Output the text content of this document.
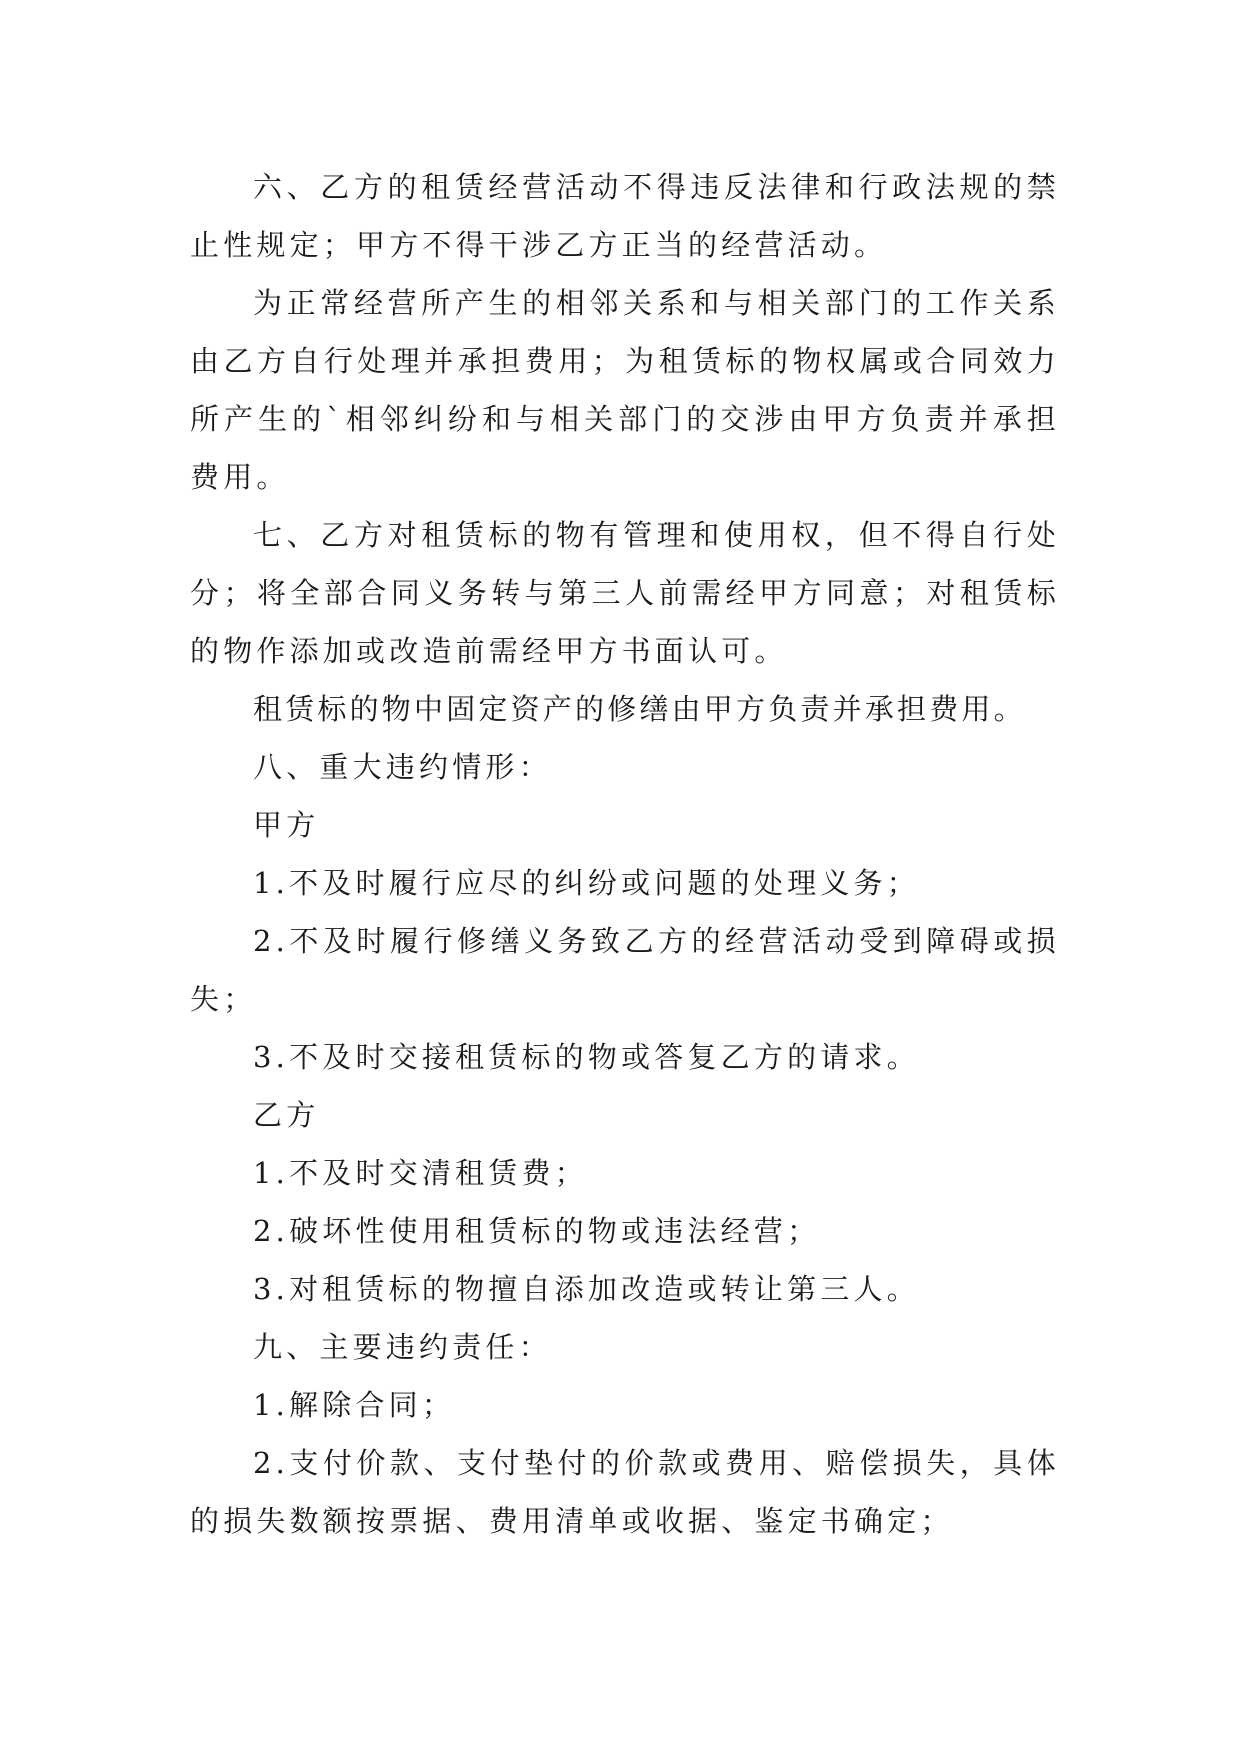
六、乙方的租赁经营活动不得违反法律和行政法规的禁止性规定；甲方不得干涉乙方正当的经营活动。

为正常经营所产生的相邻关系和与相关部门的工作关系由乙方自行处理并承担费用；为租赁标的物权属或合同效力所产生的`相邻纠纷和与相关部门的交涉由甲方负责并承担费用。

七、乙方对租赁标的物有管理和使用权，但不得自行处分；将全部合同义务转与第三人前需经甲方同意；对租赁标的物作添加或改造前需经甲方书面认可。

租赁标的物中固定资产的修缮由甲方负责并承担费用。

八、重大违约情形：

甲方

1.不及时履行应尽的纠纷或问题的处理义务；

2.不及时履行修缮义务致乙方的经营活动受到障碍或损失；

3.不及时交接租赁标的物或答复乙方的请求。

乙方

1.不及时交清租赁费；

2.破坏性使用租赁标的物或违法经营；

3.对租赁标的物擅自添加改造或转让第三人。

九、主要违约责任：

1.解除合同；

2.支付价款、支付垫付的价款或费用、赔偿损失，具体的损失数额按票据、费用清单或收据、鉴定书确定；
